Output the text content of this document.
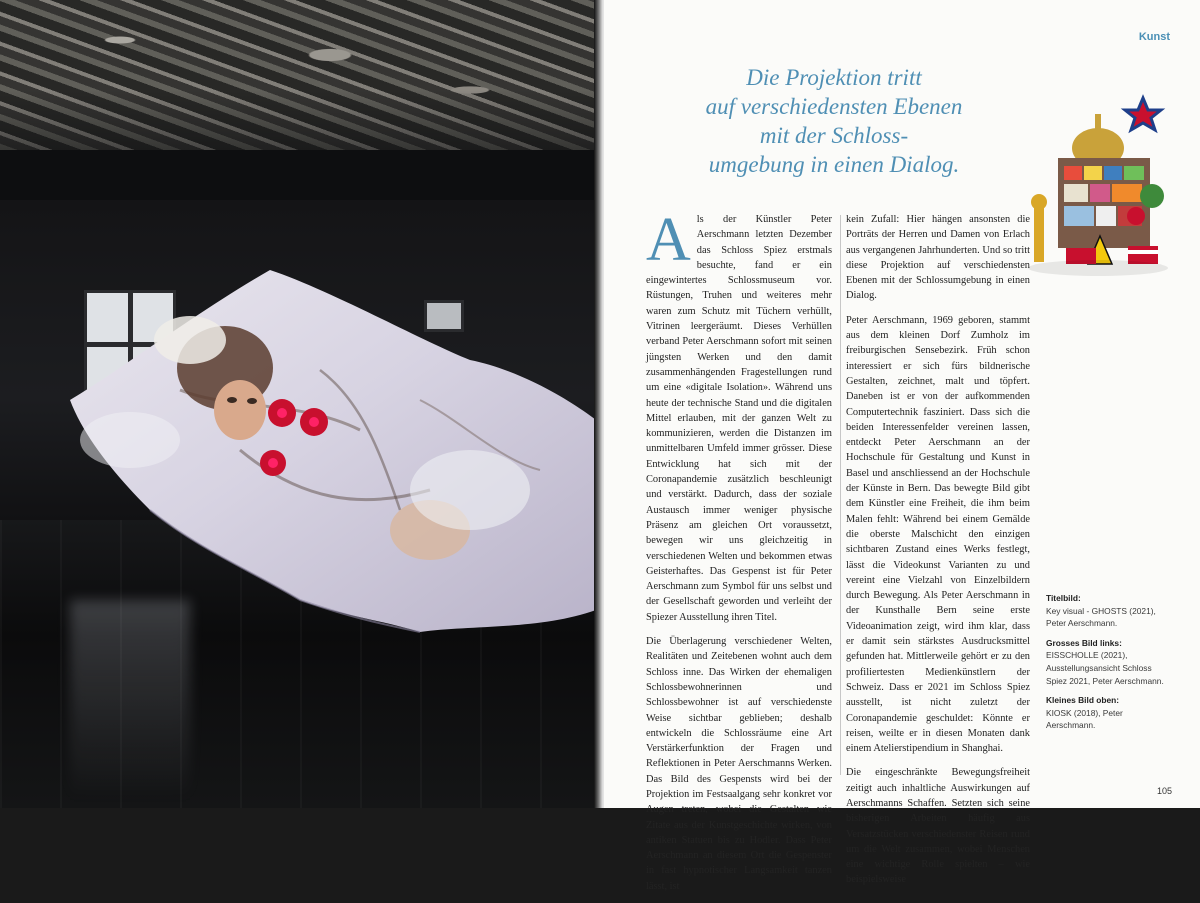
Kunst
Die Projektion tritt
auf verschiedensten Ebenen
mit der Schloss-
umgebung in einen Dialog.

Als der Künstler Peter Aerschmann letzten Dezember das Schloss Spiez erstmals besuchte, fand er ein eingewintertes Schlossmuseum vor. Rüstungen, Truhen und weiteres mehr waren zum Schutz mit Tüchern verhüllt, Vitrinen leergeräumt. Dieses Verhüllen verband Peter Aerschmann sofort mit seinen jüngsten Werken und den damit zusammenhängenden Fragestellungen rund um eine «digitale Isolation». Während uns heute der technische Stand und die digitalen Mittel erlauben, mit der ganzen Welt zu kommunizieren, werden die Distanzen im unmittelbaren Umfeld immer grösser. Diese Entwicklung hat sich mit der Coronapandemie zusätzlich beschleunigt und verstärkt. Dadurch, dass der soziale Austausch immer weniger physische Präsenz am gleichen Ort voraussetzt, bewegen wir uns gleichzeitig in verschiedenen Welten und bekommen etwas Geisterhaftes. Das Gespenst ist für Peter Aerschmann zum Symbol für uns selbst und der Gesellschaft geworden und verleiht der Spiezer Ausstellung ihren Titel.

Die Überlagerung verschiedener Welten, Realitäten und Zeitebenen wohnt auch dem Schloss inne. Das Wirken der ehemaligen Schlossbewohnerinnen und Schlossbewohner ist auf verschiedenste Weise sichtbar geblieben; deshalb entwickeln die Schlossräume eine Art Verstärkerfunktion der Fragen und Reflektionen in Peter Aerschmanns Werken. Das Bild des Gespensts wird bei der Projektion im Festsaalgang sehr konkret vor Augen treten, wobei die Gestalten wie Zitate aus der Kunstgeschichte wirken, von antiken Statuen bis zu Hodler. Dass Peter Aerschmann an diesem Ort die Gespenster in fast hypnotischer Langsamkeit tanzen lässt, ist

kein Zufall: Hier hängen ansonsten die Porträts der Herren und Damen von Erlach aus vergangenen Jahrhunderten. Und so tritt diese Projektion auf verschiedensten Ebenen mit der Schlossumgebung in einen Dialog.

Peter Aerschmann, 1969 geboren, stammt aus dem kleinen Dorf Zumholz im freiburgischen Sensebezirk. Früh schon interessiert er sich fürs bildnerische Gestalten, zeichnet, malt und töpfert. Daneben ist er von der aufkommenden Computertechnik fasziniert. Dass sich die beiden Interessenfelder vereinen lassen, entdeckt Peter Aerschmann an der Hochschule für Gestaltung und Kunst in Basel und anschliessend an der Hochschule der Künste in Bern. Das bewegte Bild gibt dem Künstler eine Freiheit, die ihm beim Malen fehlt: Während bei einem Gemälde die oberste Malschicht den einzigen sichtbaren Zustand eines Werks festlegt, lässt die Videokunst Varianten zu und vereint eine Vielzahl von Einzelbildern durch Bewegung. Als Peter Aerschmann in der Kunsthalle Bern seine erste Videoanimation zeigt, wird ihm klar, dass er damit sein stärkstes Ausdrucksmittel gefunden hat. Mittlerweile gehört er zu den profiliertesten Medienkünstlern der Schweiz. Dass er 2021 im Schloss Spiez ausstellt, ist nicht zuletzt der Coronapandemie geschuldet: Könnte er reisen, weilte er in diesen Monaten dank einem Atelierstipendium in Shanghai.

Die eingeschränkte Bewegungsfreiheit zeitigt auch inhaltliche Auswirkungen auf Aerschmanns Schaffen. Setzten sich seine bisherigen Arbeiten häufig aus Versatzstücken verschiedenster Reisen rund um die Welt zusammen, wobei Menschen eine wichtige Rolle spielten – wie beispielsweise

Titelbild:
Key visual - GHOSTS (2021), Peter Aerschmann.
Grosses Bild links:
EISSCHOLLE (2021), Ausstellungsansicht Schloss Spiez 2021, Peter Aerschmann.
Kleines Bild oben:
KIOSK (2018), Peter Aerschmann.
105
